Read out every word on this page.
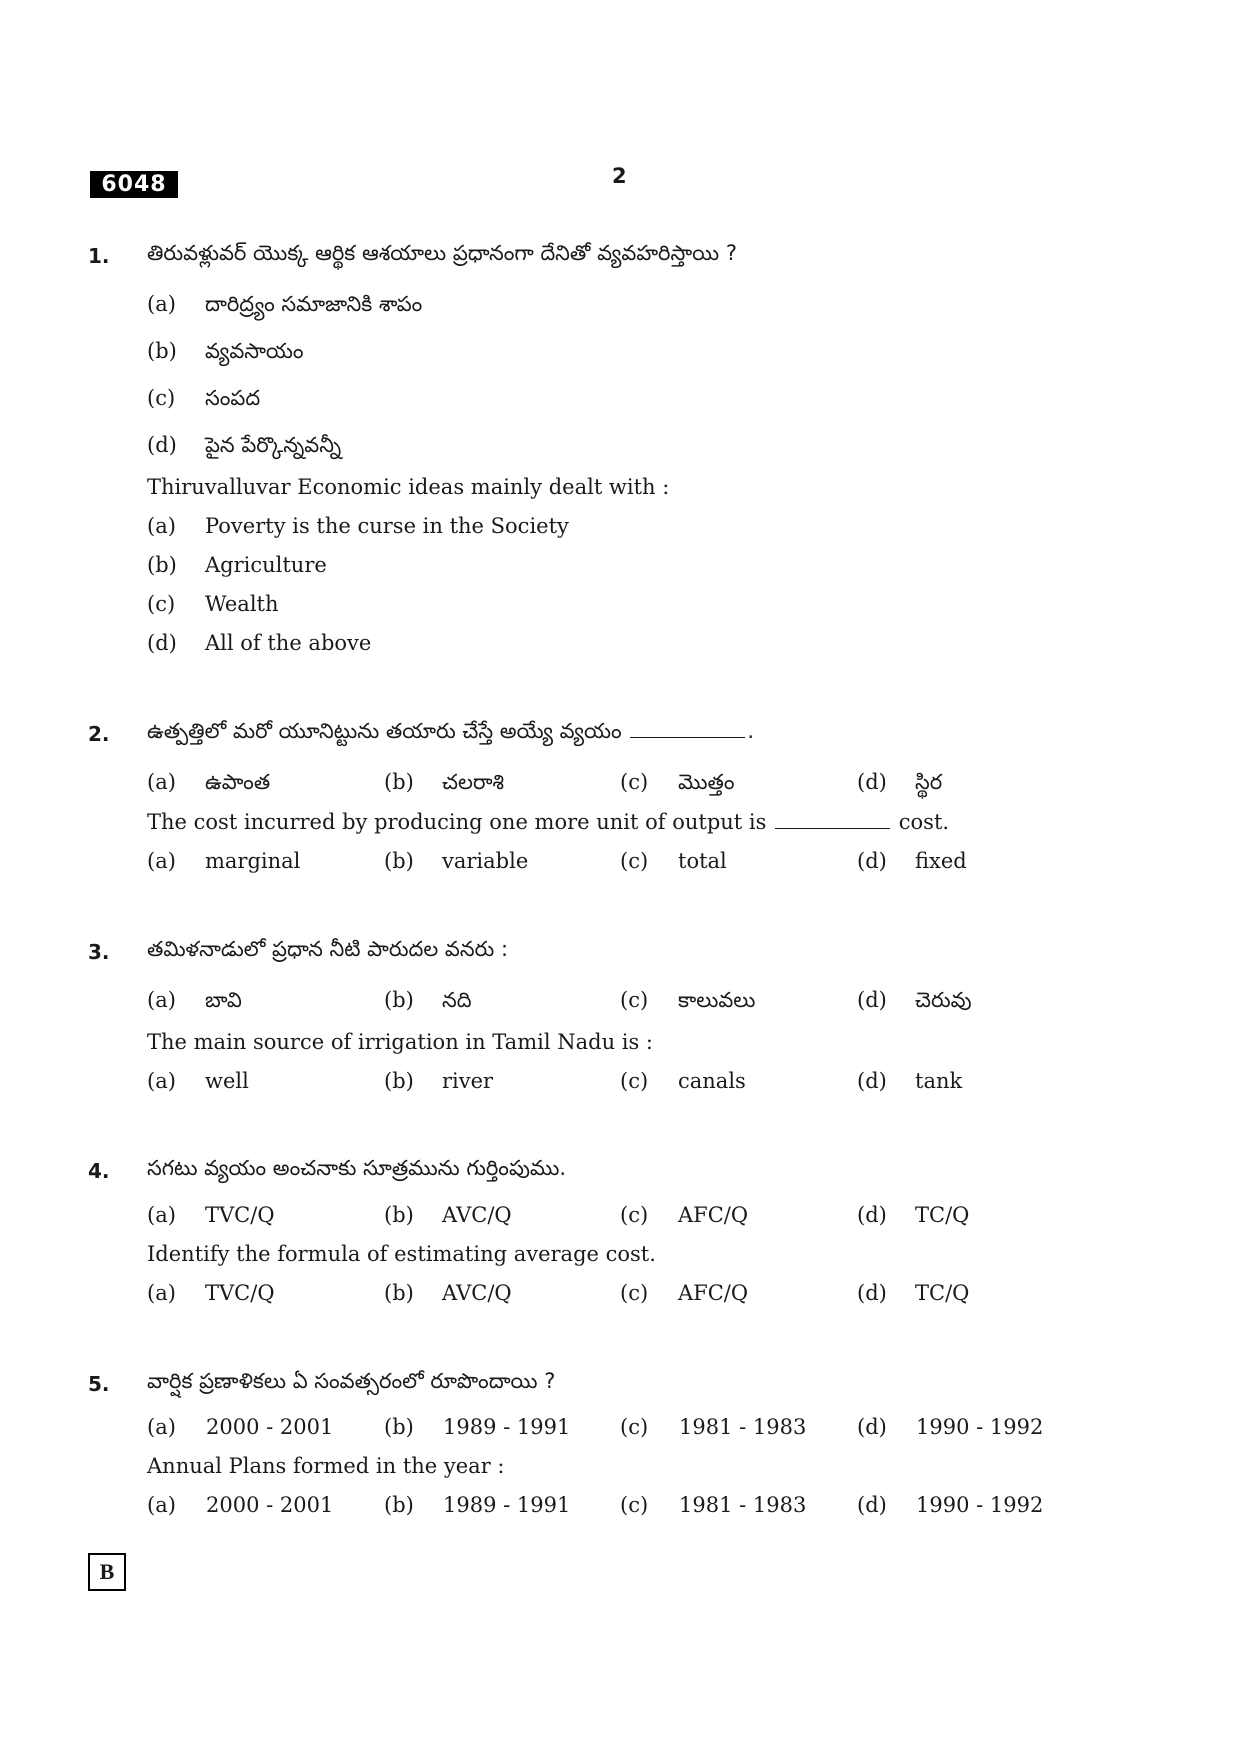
6048	2
1. తిరువళ్లువర్ యొక్క ఆర్థిక ఆశయాలు ప్రధానంగా దేనితో వ్యవహరిస్తాయి ?
(a) దారిద్ర్యం సమాజానికి శాపం
(b) వ్యవసాయం
(c) సంపద
(d) పైన పేర్కొన్నవన్నీ
Thiruvalluvar Economic ideas mainly dealt with :
(a) Poverty is the curse in the Society
(b) Agriculture
(c) Wealth
(d) All of the above
2. ఉత్పత్తిలో మరో యూనిట్టును తయారు చేస్తే అయ్యే వ్యయం	.
(a) ఉపాంత	(b) చలరాశి	(c) మొత్తం	(d) స్థిర
The cost incurred by producing one more unit of output is	cost.
(a) marginal	(b) variable	(c) total	(d) fixed
3. తమిళనాడులో ప్రధాన నీటి పారుదల వనరు :
(a) బావి	(b) నది	(c) కాలువలు	(d) చెరువు
The main source of irrigation in Tamil Nadu is :
(a) well	(b) river	(c) canals	(d) tank
4. సగటు వ్యయం అంచనాకు సూత్రమును గుర్తింపుము.
(a) TVC/Q	(b) AVC/Q	(c) AFC/Q	(d) TC/Q
Identify the formula of estimating average cost.
(a) TVC/Q	(b) AVC/Q	(c) AFC/Q	(d) TC/Q
5. వార్షిక ప్రణాళికలు ఏ సంవత్సరంలో రూపొందాయి ?
(a) 2000 - 2001 (b) 1989 - 1991 (c) 1981 - 1983 (d) 1990 - 1992
Annual Plans formed in the year :
(a) 2000 - 2001 (b) 1989 - 1991 (c) 1981 - 1983 (d) 1990 - 1992
B
